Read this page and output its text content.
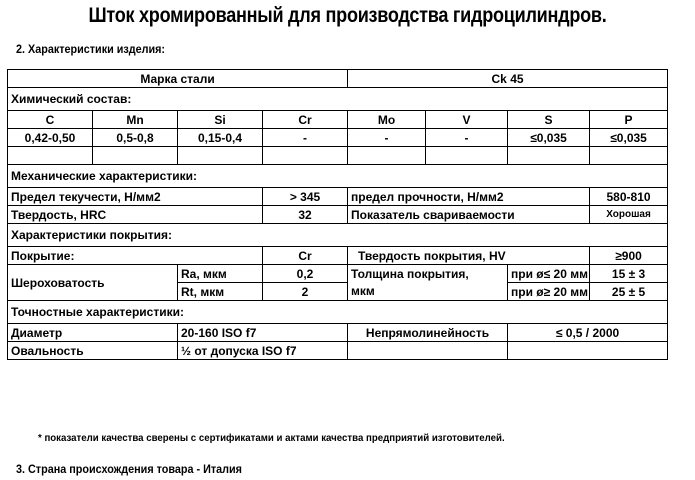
Шток хромированный для производства гидроцилиндров.
2. Характеристики изделия:
Марка стали				Ck 45			
Химический состав:							
C	Mn	Si	Cr	Mo	V	S	P
0,42-0,50	0,5-0,8	0,15-0,4	-	-	-	≤0,035	≤0,035

Механические характеристики:							
Предел текучести, Н/мм2			> 345	предел прочности, Н/мм2			580-810
Твердость, HRC			32	Показатель свариваемости			Хорошая
Характеристики покрытия:							
Покрытие:			Cr	Твердость покрытия, HV			≥900
Шероховатость		Ra, мкм	0,2	Толщина покрытия,		при ø≤ 20 мм	15 ± 3
		Rt, мкм	2	мкм		при ø≥ 20 мм	25 ± 5
Точностные характеристики:							
Диаметр		20-160 ISO f7		Непрямолинейность		≤ 0,5 / 2000	
Овальность		½ от допуска ISO f7					
* показатели качества сверены с сертификатами и актами качества предприятий изготовителей.
3. Страна происхождения товара - Италия
